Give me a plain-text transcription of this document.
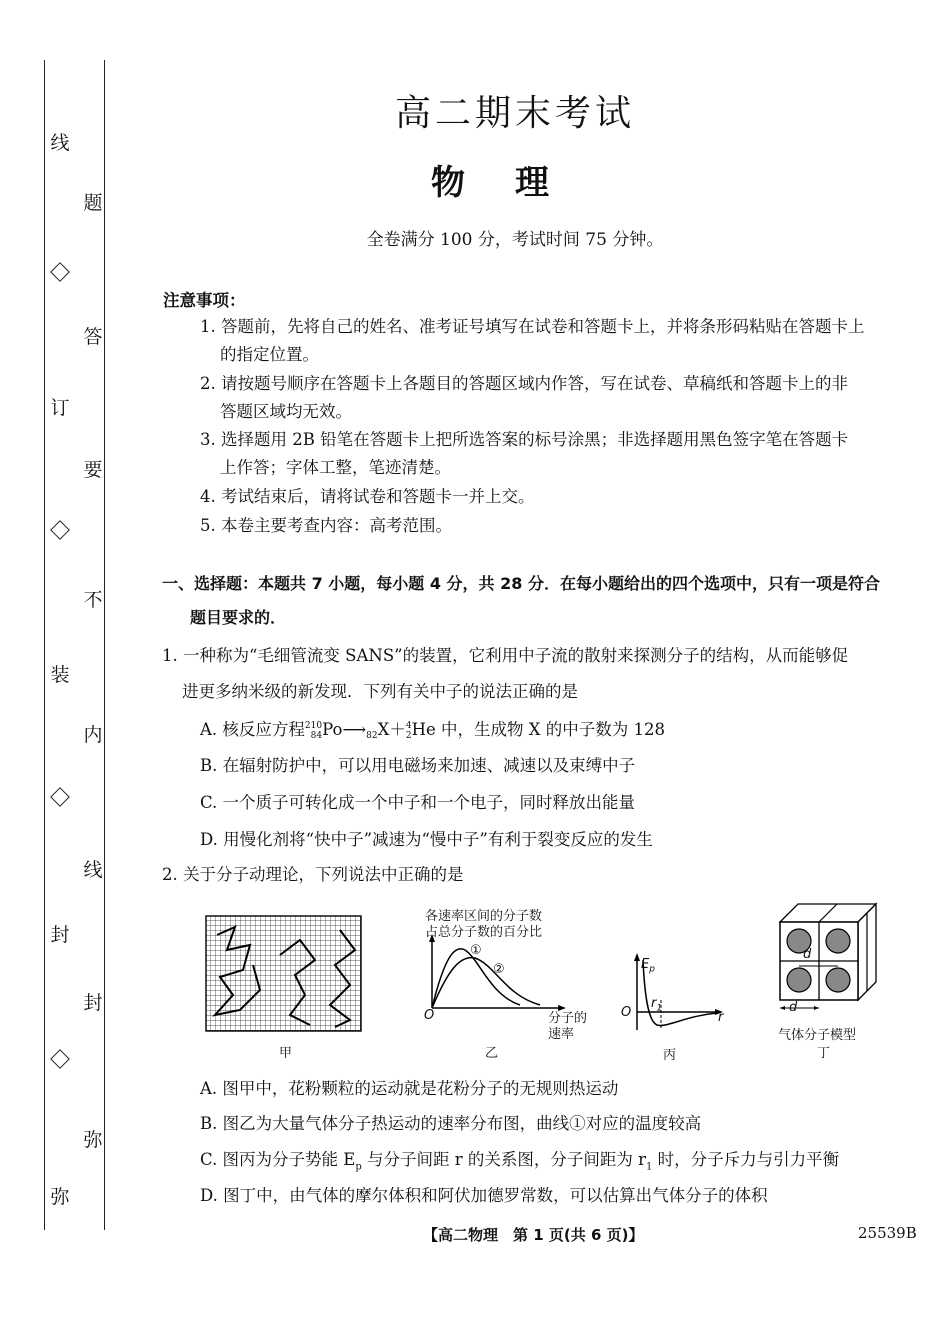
线
订
装
封
弥
题
答
要
不
内
线
封
弥
高二期末考试
物理
全卷满分 100 分，考试时间 75 分钟。
注意事项：
1. 答题前，先将自己的姓名、准考证号填写在试卷和答题卡上，并将条形码粘贴在答题卡上
的指定位置。
2. 请按题号顺序在答题卡上各题目的答题区域内作答，写在试卷、草稿纸和答题卡上的非
答题区域均无效。
3. 选择题用 2B 铅笔在答题卡上把所选答案的标号涂黑；非选择题用黑色签字笔在答题卡
上作答；字体工整，笔迹清楚。
4. 考试结束后，请将试卷和答题卡一并上交。
5. 本卷主要考查内容：高考范围。
一、选择题：本题共 7 小题，每小题 4 分，共 28 分．在每小题给出的四个选项中，只有一项是符合
题目要求的．
1. 一种称为“毛细管流变 SANS”的装置，它利用中子流的散射来探测分子的结构，从而能够促
进更多纳米级的新发现．下列有关中子的说法正确的是
A. 核反应方程210
84Po⟶
82X＋4
2He 中，生成物 X 的中子数为 128
B. 在辐射防护中，可以用电磁场来加速、减速以及束缚中子
C. 一个质子可转化成一个中子和一个电子，同时释放出能量
D. 用慢化剂将“快中子”减速为“慢中子”有利于裂变反应的发生
2. 关于分子动理论，下列说法中正确的是
甲
各速率区间的分子数
占总分子数的百分比
①
②
O	分子的
速率
乙
$E_p$
O
$r_1$
r
丙
d
d
气体分子模型
丁
A. 图甲中，花粉颗粒的运动就是花粉分子的无规则热运动
B. 图乙为大量气体分子热运动的速率分布图，曲线①对应的温度较高
C. 图丙为分子势能 $E_p$ 与分子间距 r 的关系图，分子间距为 $r_1$ 时，分子斥力与引力平衡
D. 图丁中，由气体的摩尔体积和阿伏加德罗常数，可以估算出气体分子的体积
【高二物理　第 1 页(共 6 页)】	25539B
